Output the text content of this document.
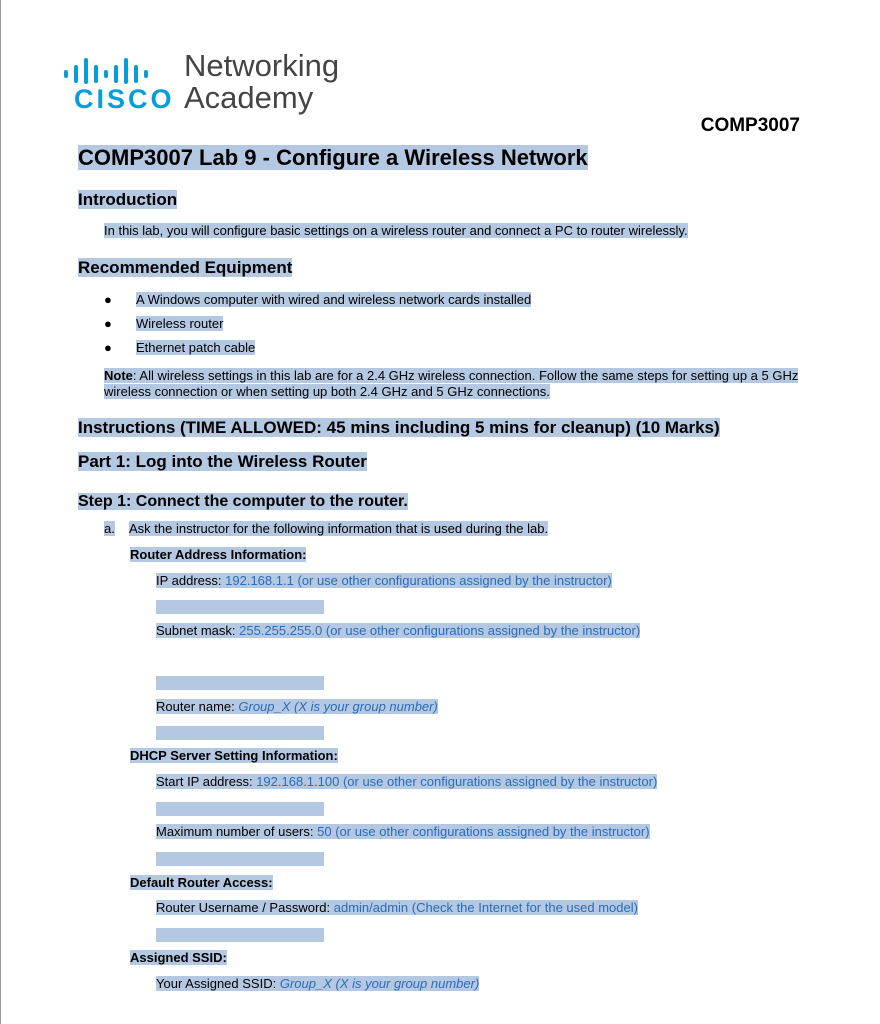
CISCO
Networking
Academy
COMP3007
COMP3007 Lab 9 - Configure a Wireless Network
Introduction
In this lab, you will configure basic settings on a wireless router and connect a PC to router wirelessly.
Recommended Equipment
● A Windows computer with wired and wireless network cards installed
● Wireless router
● Ethernet patch cable
Note: All wireless settings in this lab are for a 2.4 GHz wireless connection. Follow the same steps for setting up a 5 GHz wireless connection or when setting up both 2.4 GHz and 5 GHz connections.
Instructions (TIME ALLOWED: 45 mins including 5 mins for cleanup) (10 Marks)
Part 1: Log into the Wireless Router
Step 1: Connect the computer to the router.
a. Ask the instructor for the following information that is used during the lab.
Router Address Information:
IP address: 192.168.1.1 (or use other configurations assigned by the instructor)
Subnet mask: 255.255.255.0 (or use other configurations assigned by the instructor)
Router name: Group_X (X is your group number)
DHCP Server Setting Information:
Start IP address: 192.168.1.100 (or use other configurations assigned by the instructor)
Maximum number of users: 50 (or use other configurations assigned by the instructor)
Default Router Access:
Router Username / Password: admin/admin (Check the Internet for the used model)
Assigned SSID:
Your Assigned SSID: Group_X (X is your group number)
